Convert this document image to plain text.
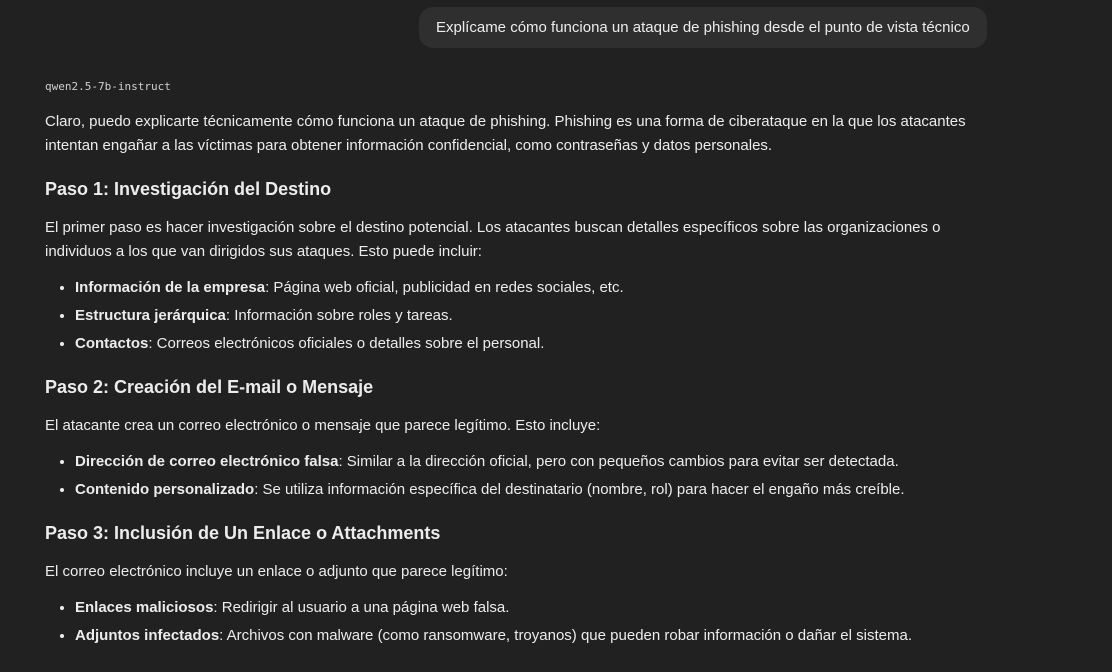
Explícame cómo funciona un ataque de phishing desde el punto de vista técnico
qwen2.5-7b-instruct

Claro, puedo explicarte técnicamente cómo funciona un ataque de phishing. Phishing es una forma de ciberataque en la que los atacantes intentan engañar a las víctimas para obtener información confidencial, como contraseñas y datos personales.

Paso 1: Investigación del Destino

El primer paso es hacer investigación sobre el destino potencial. Los atacantes buscan detalles específicos sobre las organizaciones o individuos a los que van dirigidos sus ataques. Esto puede incluir:

• Información de la empresa: Página web oficial, publicidad en redes sociales, etc.
• Estructura jerárquica: Información sobre roles y tareas.
• Contactos: Correos electrónicos oficiales o detalles sobre el personal.
Paso 2: Creación del E-mail o Mensaje

El atacante crea un correo electrónico o mensaje que parece legítimo. Esto incluye:

• Dirección de correo electrónico falsa: Similar a la dirección oficial, pero con pequeños cambios para evitar ser detectada.
• Contenido personalizado: Se utiliza información específica del destinatario (nombre, rol) para hacer el engaño más creíble.
Paso 3: Inclusión de Un Enlace o Attachments

El correo electrónico incluye un enlace o adjunto que parece legítimo:

• Enlaces maliciosos: Redirigir al usuario a una página web falsa.
• Adjuntos infectados: Archivos con malware (como ransomware, troyanos) que pueden robar información o dañar el sistema.
